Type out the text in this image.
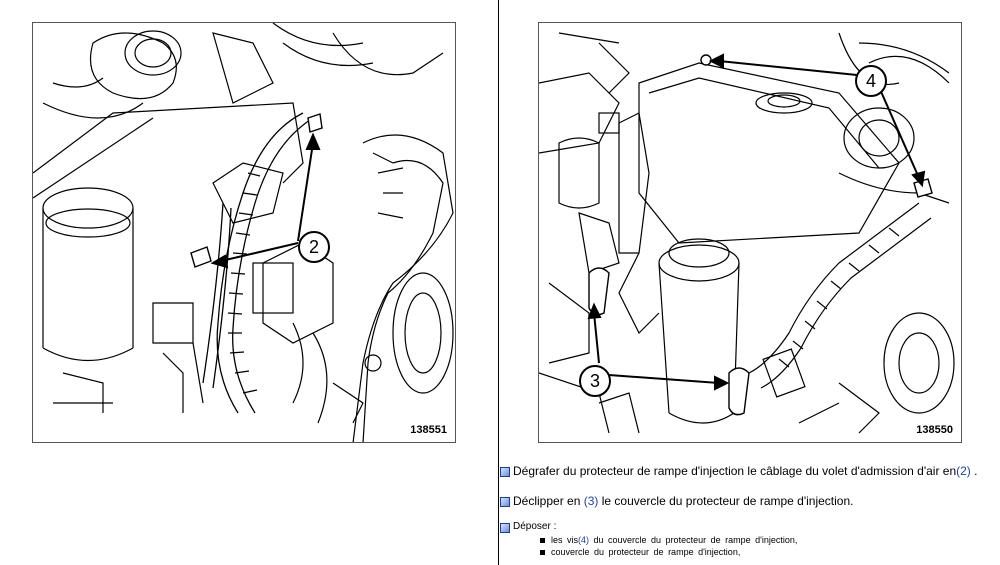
2
138551
4
3
138550
Dégrafer du protecteur de rampe d'injection le câblage du volet d'admission d'air en(2) .
Déclipper en (3) le couvercle du protecteur de rampe d'injection.
Déposer :
les vis(4) du couvercle du protecteur de rampe d'injection,
couvercle du protecteur de rampe d'injection,
